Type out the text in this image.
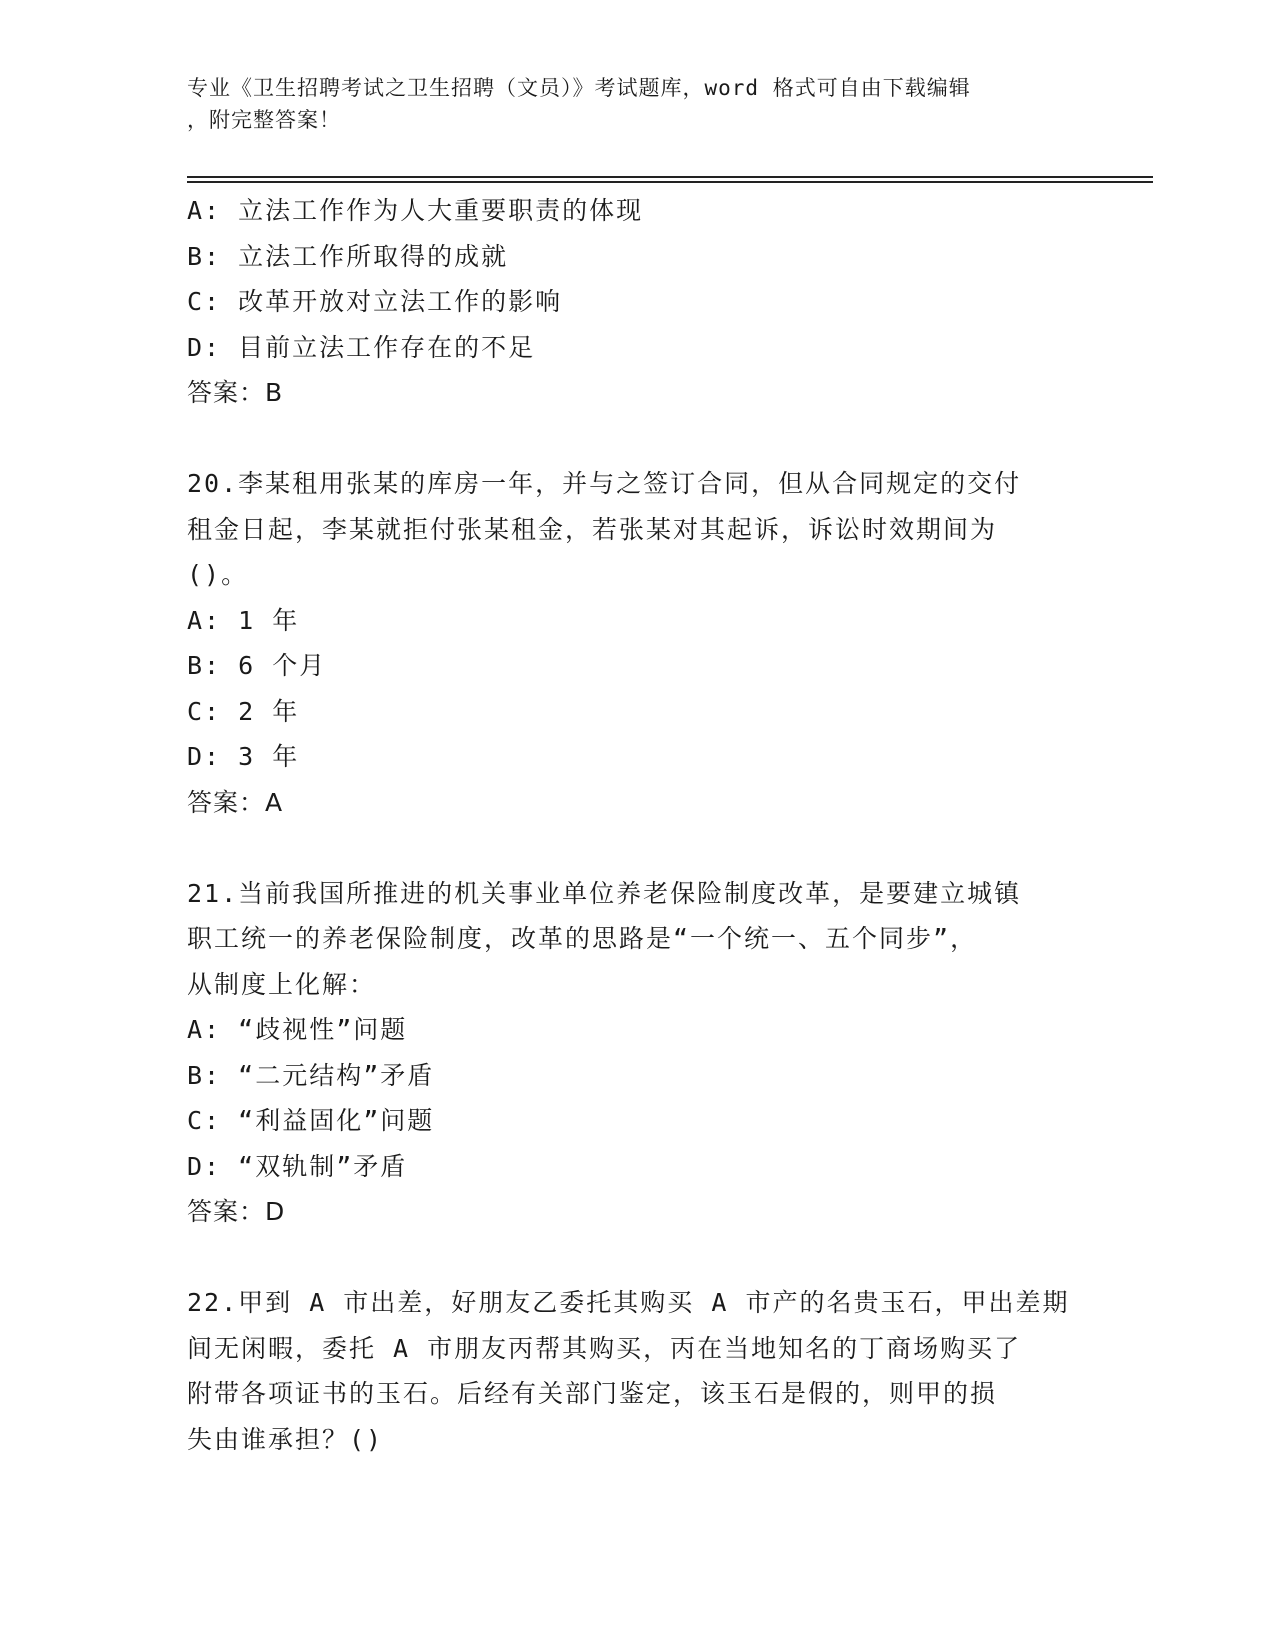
专业《卫生招聘考试之卫生招聘（文员）》考试题库，word 格式可自由下载编辑
，附完整答案！
A: 立法工作作为人大重要职责的体现
B: 立法工作所取得的成就
C: 改革开放对立法工作的影响
D: 目前立法工作存在的不足
答案：B
20.李某租用张某的库房一年，并与之签订合同，但从合同规定的交付
租金日起，李某就拒付张某租金，若张某对其起诉，诉讼时效期间为
()。
A: 1 年
B: 6 个月
C: 2 年
D: 3 年
答案：A
21.当前我国所推进的机关事业单位养老保险制度改革，是要建立城镇
职工统一的养老保险制度，改革的思路是“一个统一、五个同步”，
从制度上化解：
A: “歧视性”问题
B: “二元结构”矛盾
C: “利益固化”问题
D: “双轨制”矛盾
答案：D
22.甲到 A 市出差，好朋友乙委托其购买 A 市产的名贵玉石，甲出差期
间无闲暇，委托 A 市朋友丙帮其购买，丙在当地知名的丁商场购买了
附带各项证书的玉石。后经有关部门鉴定，该玉石是假的，则甲的损
失由谁承担？()
